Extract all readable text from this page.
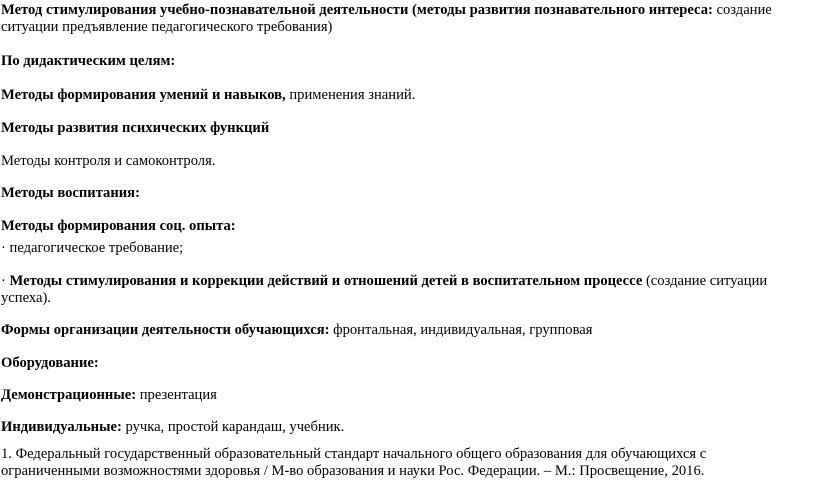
Метод стимулирования учебно-познавательной деятельности (методы развития познавательного интереса: создание ситуации предъявление педагогического требования)

По дидактическим целям:

Методы формирования умений и навыков, применения знаний.

Методы развития психических функций

Методы контроля и самоконтроля.

Методы воспитания:

Методы формирования соц. опыта:

· педагогическое требование;

· Методы стимулирования и коррекции действий и отношений детей в воспитательном процессе (создание ситуации успеха).

Формы организации деятельности обучающихся: фронтальная, индивидуальная, групповая

Оборудование:

Демонстрационные: презентация

Индивидуальные: ручка, простой карандаш, учебник.

1. Федеральный государственный образовательный стандарт начального общего образования для обучающихся с ограниченными возможностями здоровья / М-во образования и науки Рос. Федерации. – М.: Просвещение, 2016.
